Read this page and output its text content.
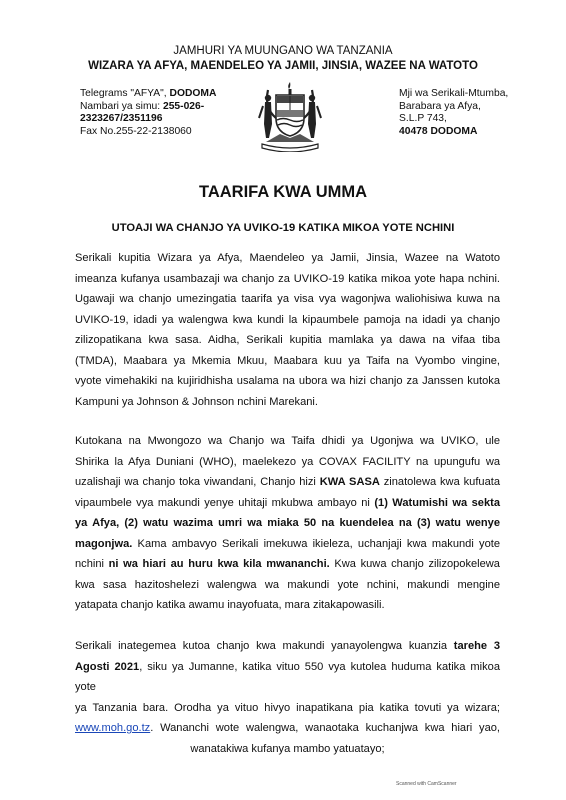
JAMHURI YA MUUNGANO WA TANZANIA
WIZARA YA AFYA, MAENDELEO YA JAMII, JINSIA, WAZEE NA WATOTO
Telegrams "AFYA", DODOMA
Nambari ya simu: 255-026-
2323267/2351196
Fax No.255-22-2138060
Mji wa Serikali-Mtumba,
Barabara ya Afya,
S.L.P 743,
40478 DODOMA
TAARIFA KWA UMMA
UTOAJI WA CHANJO YA UVIKO-19 KATIKA MIKOA YOTE NCHINI

Serikali kupitia Wizara ya Afya, Maendeleo ya Jamii, Jinsia, Wazee na Watoto

imeanza kufanya usambazaji wa chanjo za UVIKO-19 katika mikoa yote hapa nchini.

Ugawaji wa chanjo umezingatia taarifa ya visa vya wagonjwa waliohisiwa kuwa na

UVIKO-19, idadi ya walengwa kwa kundi la kipaumbele pamoja na idadi ya chanjo

zilizopatikana kwa sasa. Aidha, Serikali kupitia mamlaka ya dawa na vifaa tiba

(TMDA), Maabara ya Mkemia Mkuu, Maabara kuu ya Taifa na Vyombo vingine,

vyote vimehakiki na kujiridhisha usalama na ubora wa hizi chanjo za Janssen kutoka

Kampuni ya Johnson & Johnson nchini Marekani.

Kutokana na Mwongozo wa Chanjo wa Taifa dhidi ya Ugonjwa wa UVIKO, ule

Shirika la Afya Duniani (WHO), maelekezo ya COVAX FACILITY na upungufu wa

uzalishaji wa chanjo toka viwandani, Chanjo hizi KWA SASA zinatolewa kwa kufuata

vipaumbele vya makundi yenye uhitaji mkubwa ambayo ni (1) Watumishi wa sekta

ya Afya, (2) watu wazima umri wa miaka 50 na kuendelea na (3) watu wenye

magonjwa. Kama ambavyo Serikali imekuwa ikieleza, uchanjaji kwa makundi yote

nchini ni wa hiari au huru kwa kila mwananchi. Kwa kuwa chanjo zilizopokelewa

kwa sasa hazitoshelezi walengwa wa makundi yote nchini, makundi mengine

yatapata chanjo katika awamu inayofuata, mara zitakapowasili.

Serikali inategemea kutoa chanjo kwa makundi yanayolengwa kuanzia tarehe 3

Agosti 2021, siku ya Jumanne, katika vituo 550 vya kutolea huduma katika mikoa yote

ya Tanzania bara. Orodha ya vituo hivyo inapatikana pia katika tovuti ya wizara;

www.moh.go.tz. Wananchi wote walengwa, wanaotaka kuchanjwa kwa hiari yao,

wanatakiwa kufanya mambo yatuatayo;

Scanned with CamScanner
